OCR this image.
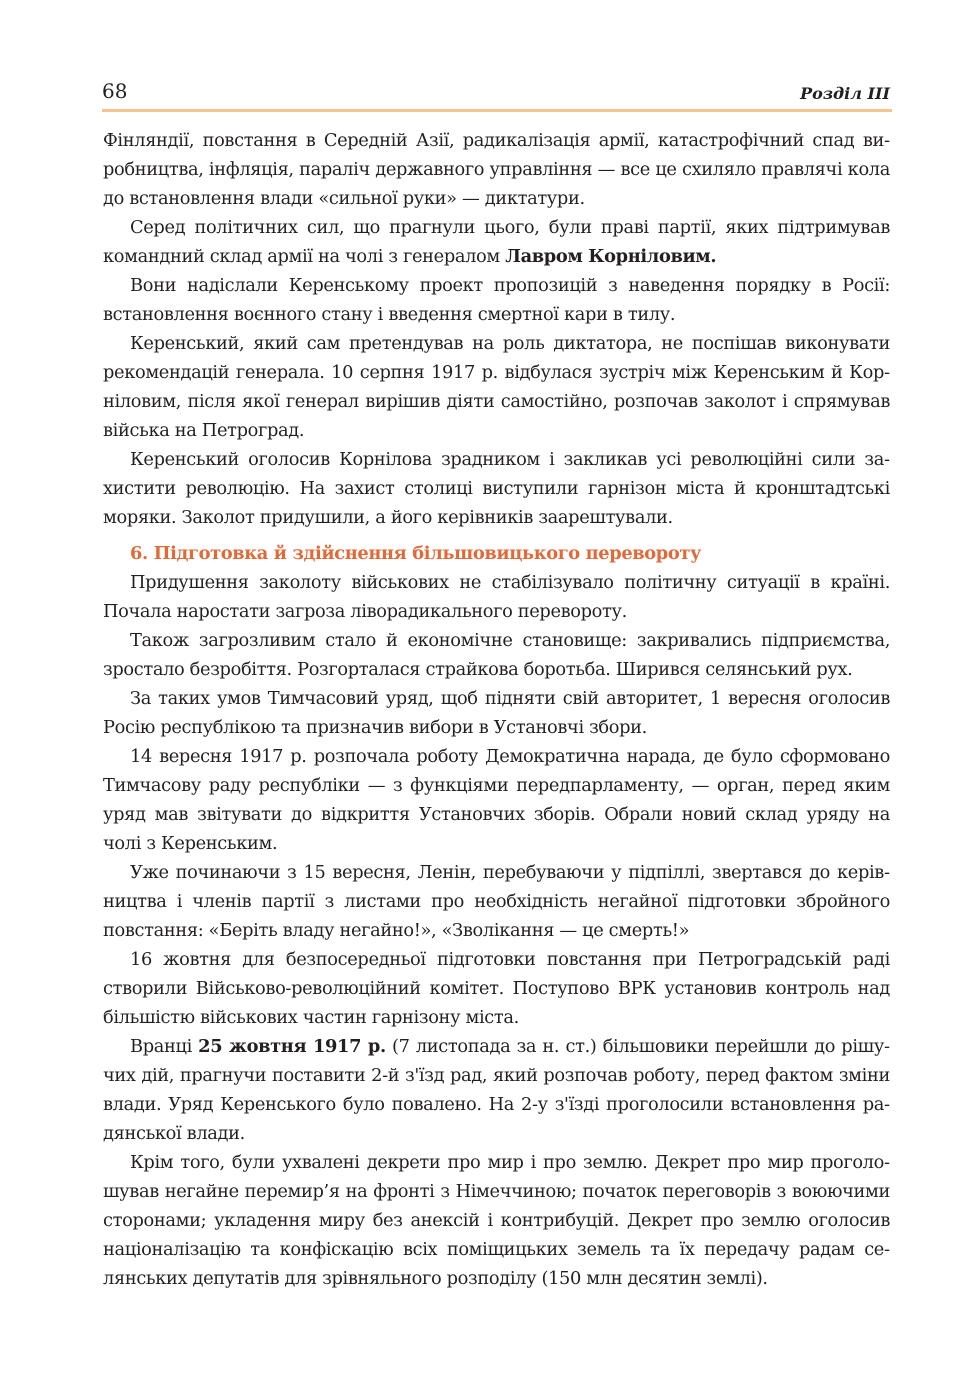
68	Розділ III

Фінляндії, повстання в Середній Азії, радикалізація армії, катастрофічний спад виробництва, інфляція, параліч державного управління — все це схиляло правлячі кола до встановлення влади «сильної руки» — диктатури.

Серед політичних сил, що прагнули цього, були праві партії, яких підтримував командний склад армії на чолі з генералом Лавром Корніловим.

Вони надіслали Керенському проект пропозицій з наведення порядку в Росії: встановлення воєнного стану і введення смертної кари в тилу.

Керенський, який сам претендував на роль диктатора, не поспішав виконувати рекомендацій генерала. 10 серпня 1917 р. відбулася зустріч між Керенським й Корніловим, після якої генерал вирішив діяти самостійно, розпочав заколот і спрямував війська на Петроград.

Керенський оголосив Корнілова зрадником і закликав усі революційні сили захистити революцію. На захист столиці виступили гарнізон міста й кронштадтські моряки. Заколот придушили, а його керівників заарештували.

6. Підготовка й здійснення більшовицького перевороту

Придушення заколоту військових не стабілізувало політичну ситуації в країні. Почала наростати загроза ліворадикального перевороту.

Також загрозливим стало й економічне становище: закривались підприємства, зростало безробіття. Розгорталася страйкова боротьба. Ширився селянський рух.

За таких умов Тимчасовий уряд, щоб підняти свій авторитет, 1 вересня оголосив Росію республікою та призначив вибори в Установчі збори.

14 вересня 1917 р. розпочала роботу Демократична нарада, де було сформовано Тимчасову раду республіки — з функціями передпарламенту, — орган, перед яким уряд мав звітувати до відкриття Установчих зборів. Обрали новий склад уряду на чолі з Керенським.

Уже починаючи з 15 вересня, Ленін, перебуваючи у підпіллі, звертався до керівництва і членів партії з листами про необхідність негайної підготовки збройного повстання: «Беріть владу негайно!», «Зволікання — це смерть!»

16 жовтня для безпосередньої підготовки повстання при Петроградській раді створили Військово-революційний комітет. Поступово ВРК установив контроль над більшістю військових частин гарнізону міста.

Вранці 25 жовтня 1917 р. (7 листопада за н. ст.) більшовики перейшли до рішучих дій, прагнучи поставити 2-й з'їзд рад, який розпочав роботу, перед фактом зміни влади. Уряд Керенського було повалено. На 2-у з'їзді проголосили встановлення радянської влади.

Крім того, були ухвалені декрети про мир і про землю. Декрет про мир проголошував негайне перемир’я на фронті з Німеччиною; початок переговорів з воюючими сторонами; укладення миру без анексій і контрибуцій. Декрет про землю оголосив націоналізацію та конфіскацію всіх поміщицьких земель та їх передачу радам селянських депутатів для зрівняльного розподілу (150 млн десятин землі).
